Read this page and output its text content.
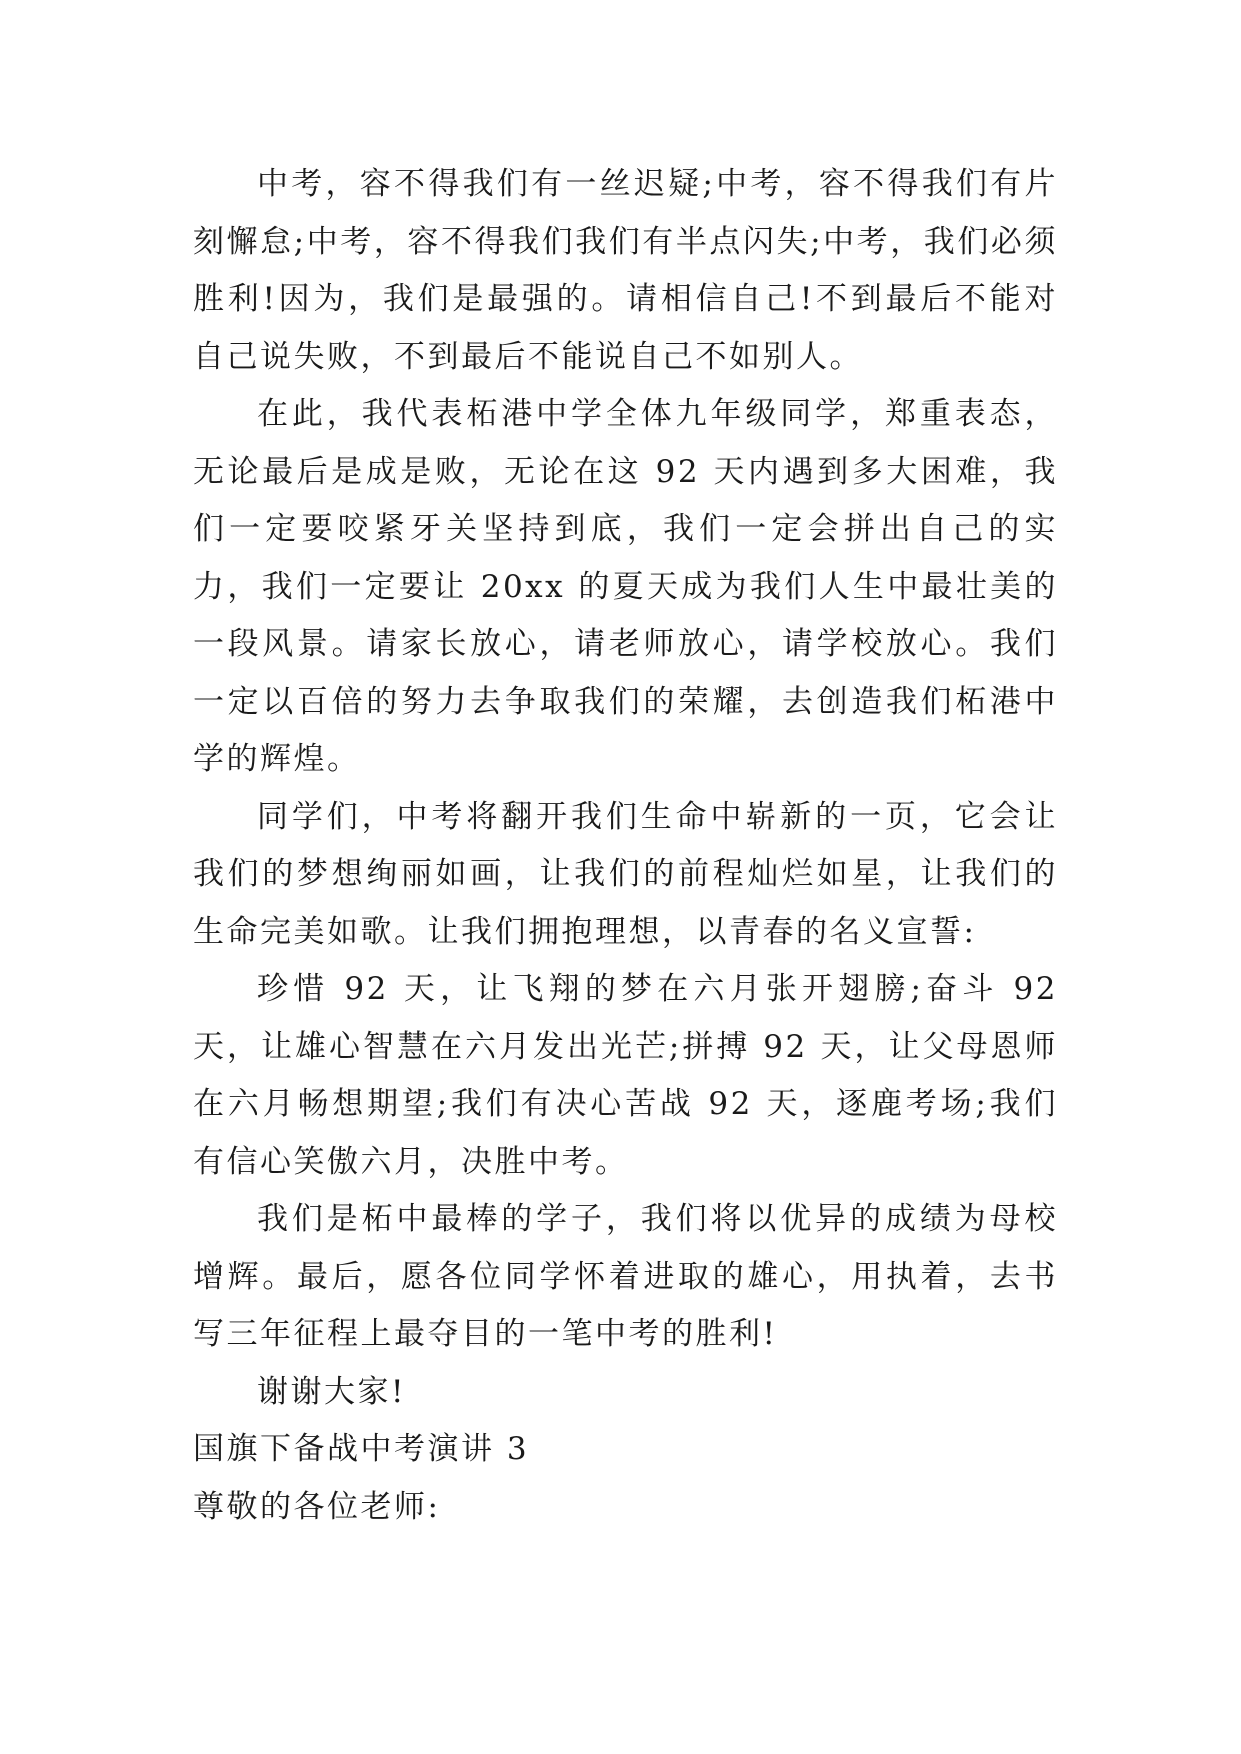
中考，容不得我们有一丝迟疑;中考，容不得我们有片刻懈怠;中考，容不得我们我们有半点闪失;中考，我们必须胜利!因为，我们是最强的。请相信自己!不到最后不能对自己说失败，不到最后不能说自己不如别人。

在此，我代表柘港中学全体九年级同学，郑重表态，无论最后是成是败，无论在这 92 天内遇到多大困难，我们一定要咬紧牙关坚持到底，我们一定会拼出自己的实力，我们一定要让 20xx 的夏天成为我们人生中最壮美的一段风景。请家长放心，请老师放心，请学校放心。我们一定以百倍的努力去争取我们的荣耀，去创造我们柘港中学的辉煌。

同学们，中考将翻开我们生命中崭新的一页，它会让我们的梦想绚丽如画，让我们的前程灿烂如星，让我们的生命完美如歌。让我们拥抱理想，以青春的名义宣誓:

珍惜 92 天，让飞翔的梦在六月张开翅膀;奋斗 92 天，让雄心智慧在六月发出光芒;拼搏 92 天，让父母恩师在六月畅想期望;我们有决心苦战 92 天，逐鹿考场;我们有信心笑傲六月，决胜中考。

我们是柘中最棒的学子，我们将以优异的成绩为母校增辉。最后，愿各位同学怀着进取的雄心，用执着，去书写三年征程上最夺目的一笔中考的胜利!

谢谢大家!

国旗下备战中考演讲 3

尊敬的各位老师:
